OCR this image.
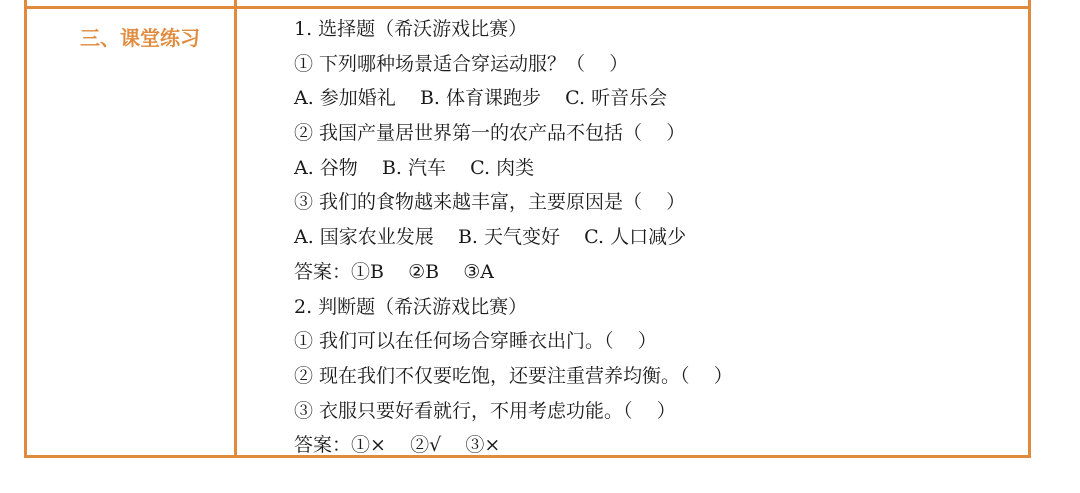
三、课堂练习	1. 选择题（希沃游戏比赛）
① 下列哪种场景适合穿运动服？（    ）
A. 参加婚礼    B. 体育课跑步    C. 听音乐会
② 我国产量居世界第一的农产品不包括（    ）
A. 谷物    B. 汽车    C. 肉类
③ 我们的食物越来越丰富，主要原因是（    ）
A. 国家农业发展    B. 天气变好    C. 人口减少
答案：①B    ②B    ③A
2. 判断题（希沃游戏比赛）
① 我们可以在任何场合穿睡衣出门。（    ）
② 现在我们不仅要吃饱，还要注重营养均衡。（    ）
③ 衣服只要好看就行，不用考虑功能。（    ）
答案：①×    ②√    ③×
